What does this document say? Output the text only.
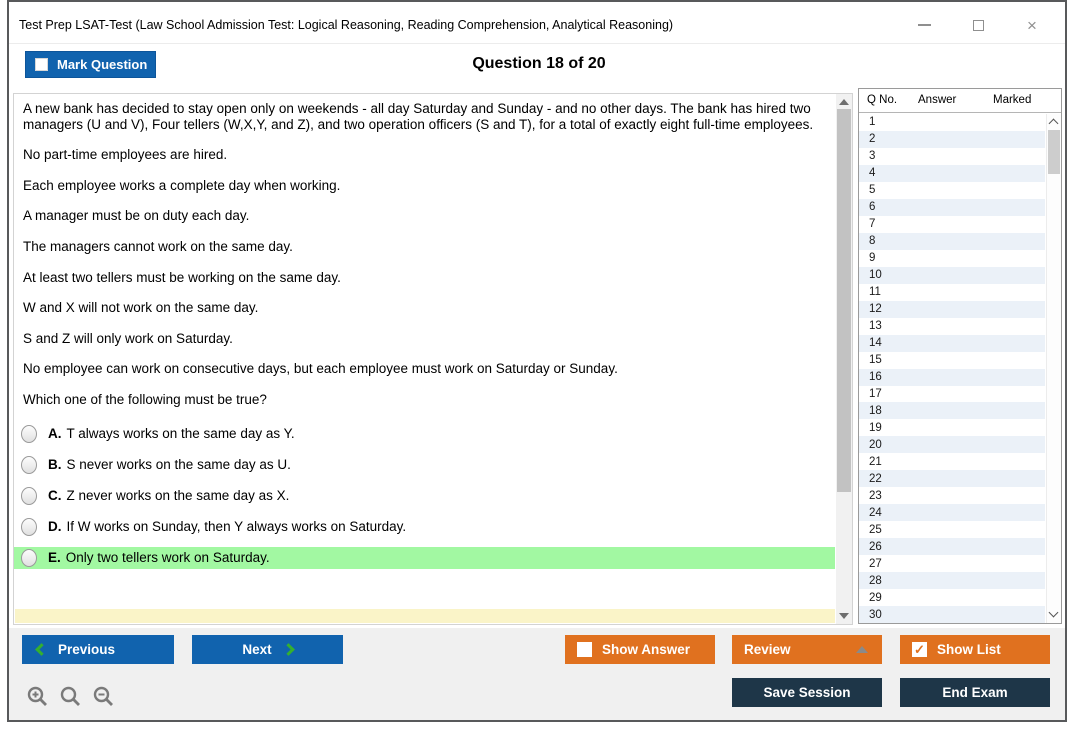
Test Prep LSAT-Test (Law School Admission Test: Logical Reasoning, Reading Comprehension, Analytical Reasoning)	×
Mark Question	Question 18 of 20

A new bank has decided to stay open only on weekends - all day Saturday and Sunday - and no other days. The bank has hired two managers (U and V), Four tellers (W,X,Y, and Z), and two operation officers (S and T), for a total of exactly eight full-time employees.

No part-time employees are hired.

Each employee works a complete day when working.

A manager must be on duty each day.

The managers cannot work on the same day.

At least two tellers must be working on the same day.

W and X will not work on the same day.

S and Z will only work on Saturday.

No employee can work on consecutive days, but each employee must work on Saturday or Sunday.

Which one of the following must be true?

A. T always works on the same day as Y.
B. S never works on the same day as U.
C. Z never works on the same day as X.
D. If W works on Sunday, then Y always works on Saturday.
E. Only two tellers work on Saturday.
Q No. Answer	Marked
1
2
3
4
5
6
7
8
9
10
11
12
13
14
15
16
17
18
19
20
21
22
23
24
25
26
27
28
29
30
Previous	Next	Show Answer	Review	✓ Show List
Save Session	End Exam
